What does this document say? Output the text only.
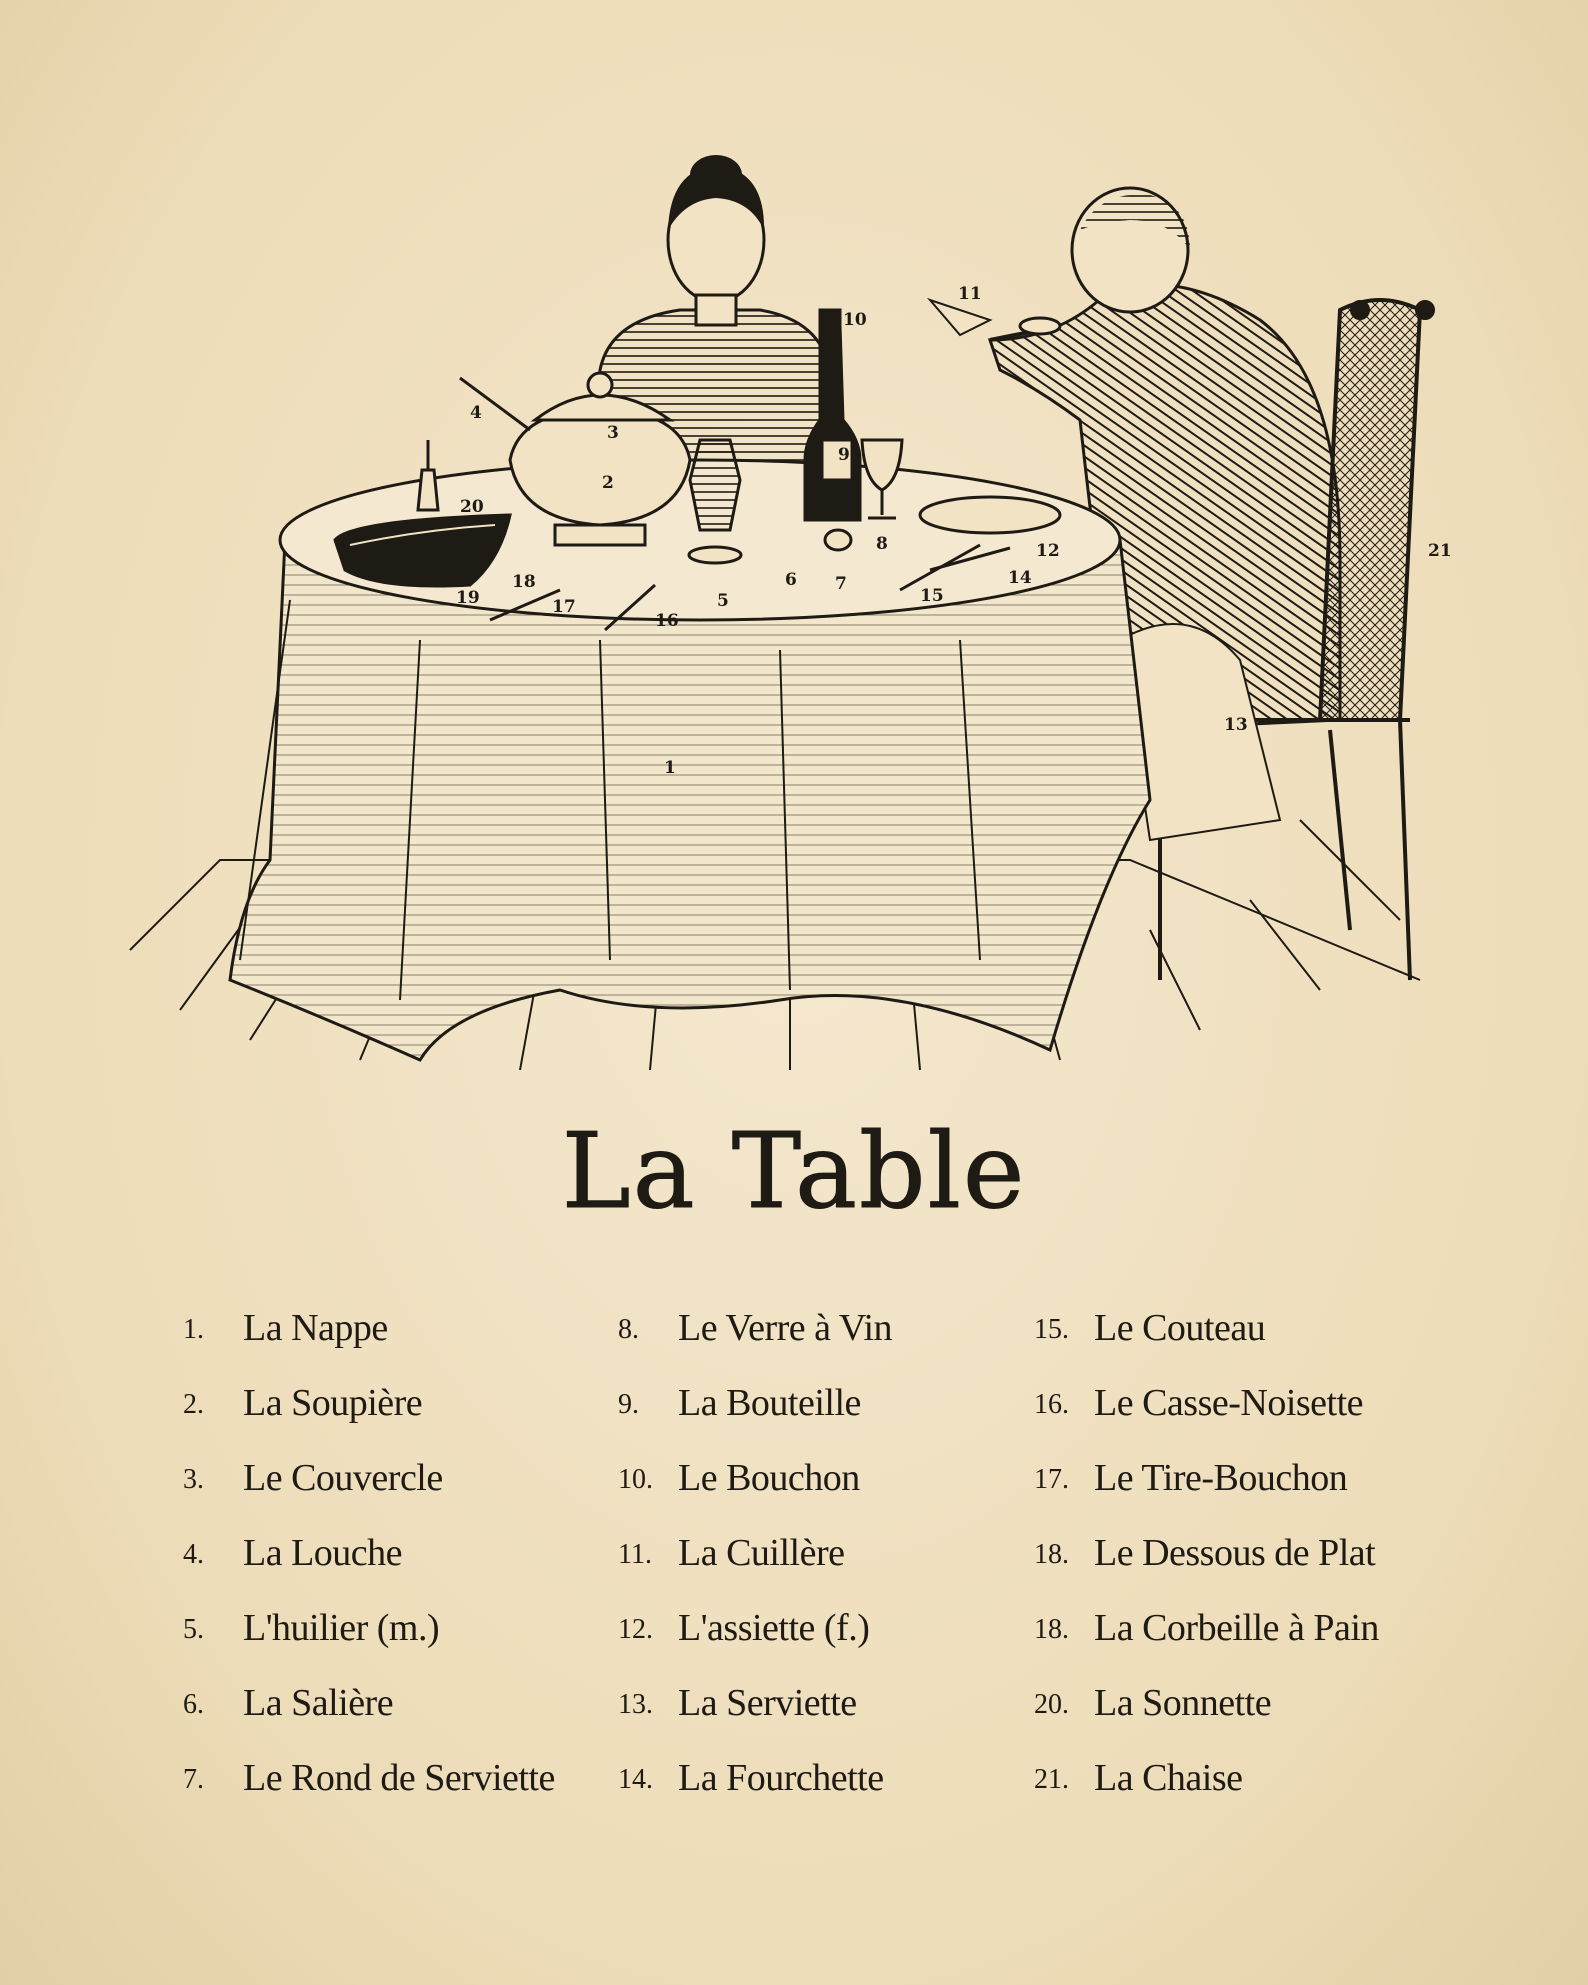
1
2
3
4
5
6 7
8
9
10
11
12
13
14
15
16
17
18
19
20
21
La Table
1. La Nappe
2. La Soupière
3. Le Couvercle
4. La Louche
5. L'huilier (m.)
6. La Salière
7. Le Rond de Serviette
8. Le Verre à Vin
9. La Bouteille
10. Le Bouchon
11. La Cuillère
12. L'assiette (f.)
13. La Serviette
14. La Fourchette
15. Le Couteau
16. Le Casse-Noisette
17. Le Tire-Bouchon
18. Le Dessous de Plat
18. La Corbeille à Pain
20. La Sonnette
21. La Chaise
